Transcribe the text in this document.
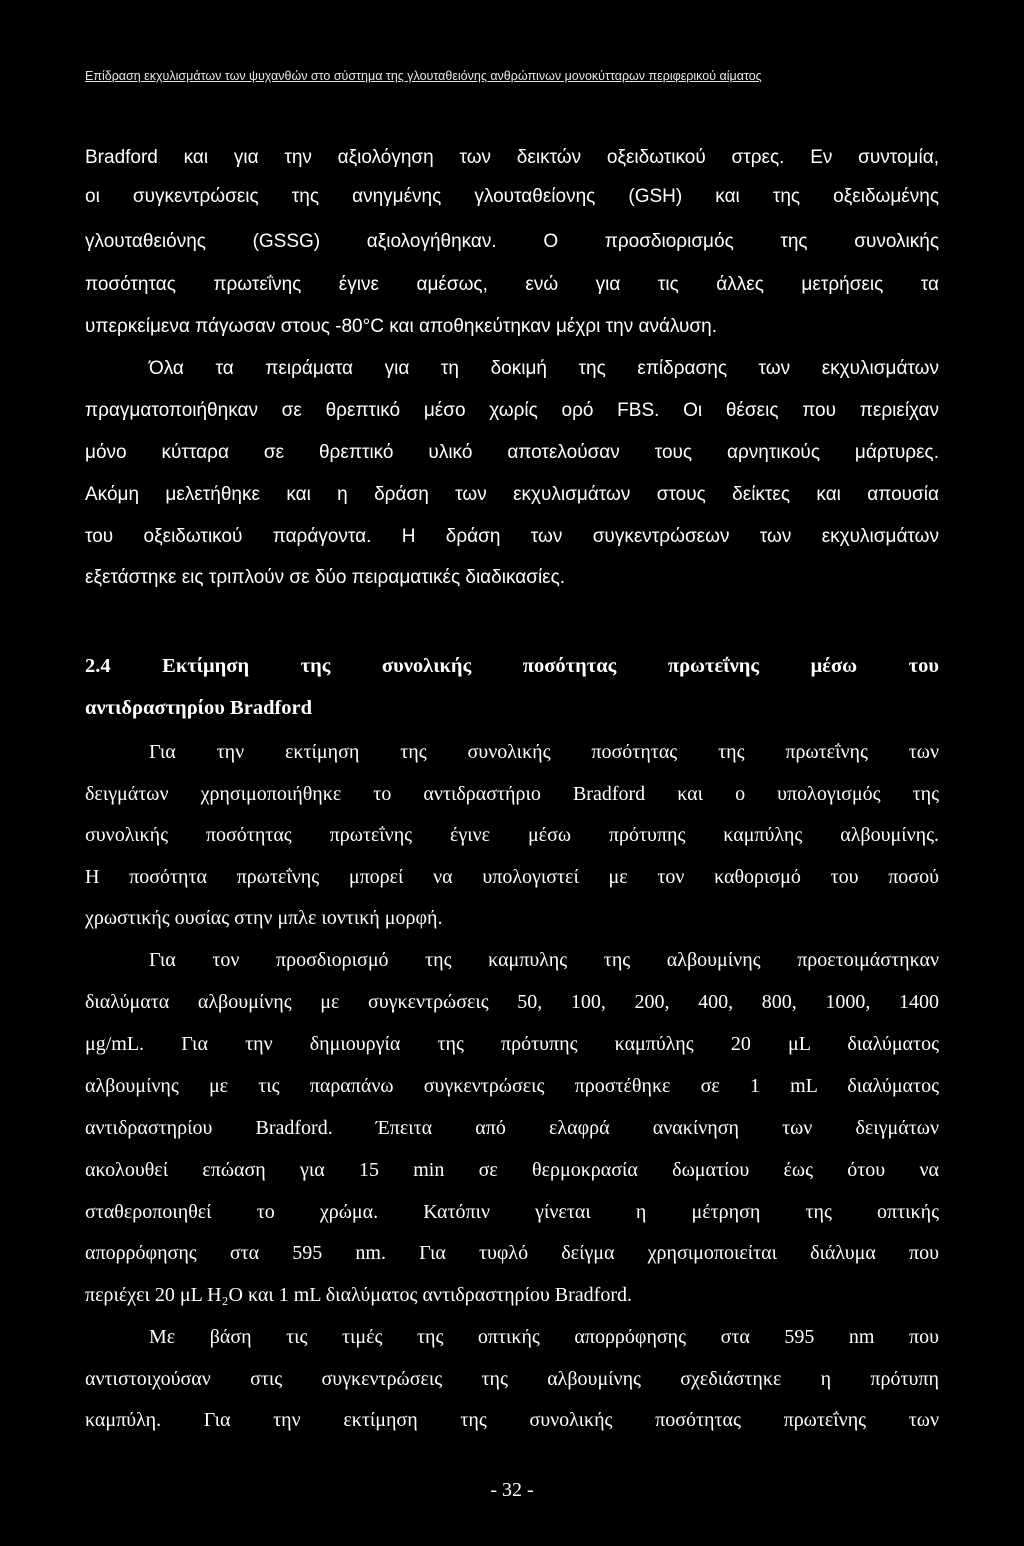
Επίδραση εκχυλισμάτων των ψυχανθών στο σύστημα της γλουταθειόνης ανθρώπινων μονοκύτταρων περιφερικού αίματος

Bradford και για την αξιολόγηση των δεικτών οξειδωτικού στρες. Εν συντομία,

οι συγκεντρώσεις της ανηγμένης γλουταθείονης (GSH) και της οξειδωμένης

γλουταθειόνης (GSSG) αξιολογήθηκαν. Ο προσδιορισμός της συνολικής

ποσότητας πρωτεΐνης έγινε αμέσως, ενώ για τις άλλες μετρήσεις τα

υπερκείμενα πάγωσαν στους -80°C και αποθηκεύτηκαν μέχρι την ανάλυση.

Όλα τα πειράματα για τη δοκιμή της επίδρασης των εκχυλισμάτων

πραγματοποιήθηκαν σε θρεπτικό μέσο χωρίς ορό FBS. Οι θέσεις που περιείχαν

μόνο κύτταρα σε θρεπτικό υλικό αποτελούσαν τους αρνητικούς μάρτυρες.

Ακόμη μελετήθηκε και η δράση των εκχυλισμάτων στους δείκτες και απουσία

του οξειδωτικού παράγοντα. Η δράση των συγκεντρώσεων των εκχυλισμάτων

εξετάστηκε εις τριπλούν σε δύο πειραματικές διαδικασίες.

2.4 Εκτίμηση της συνολικής ποσότητας πρωτεΐνης μέσω του
αντιδραστηρίου Bradford

Για την εκτίμηση της συνολικής ποσότητας της πρωτεΐνης των

δειγμάτων χρησιμοποιήθηκε το αντιδραστήριο Bradford και ο υπολογισμός της

συνολικής ποσότητας πρωτεΐνης έγινε μέσω πρότυπης καμπύλης αλβουμίνης.

Η ποσότητα πρωτεΐνης μπορεί να υπολογιστεί με τον καθορισμό του ποσού

χρωστικής ουσίας στην μπλε ιοντική μορφή.

Για τον προσδιορισμό της καμπυλης της αλβουμίνης προετοιμάστηκαν

διαλύματα αλβουμίνης με συγκεντρώσεις 50, 100, 200, 400, 800, 1000, 1400

μg/mL. Για την δημιουργία της πρότυπης καμπύλης 20 μL διαλύματος

αλβουμίνης με τις παραπάνω συγκεντρώσεις προστέθηκε σε 1 mL διαλύματος

αντιδραστηρίου Bradford. Έπειτα από ελαφρά ανακίνηση των δειγμάτων

ακολουθεί επώαση για 15 min σε θερμοκρασία δωματίου έως ότου να

σταθεροποιηθεί το χρώμα. Κατόπιν γίνεται η μέτρηση της οπτικής

απορρόφησης στα 595 nm. Για τυφλό δείγμα χρησιμοποιείται διάλυμα που

περιέχει 20 μL H₂O και 1 mL διαλύματος αντιδραστηρίου Bradford.

Με βάση τις τιμές της οπτικής απορρόφησης στα 595 nm που

αντιστοιχούσαν στις συγκεντρώσεις της αλβουμίνης σχεδιάστηκε η πρότυπη

καμπύλη. Για την εκτίμηση της συνολικής ποσότητας πρωτεΐνης των

- 32 -
